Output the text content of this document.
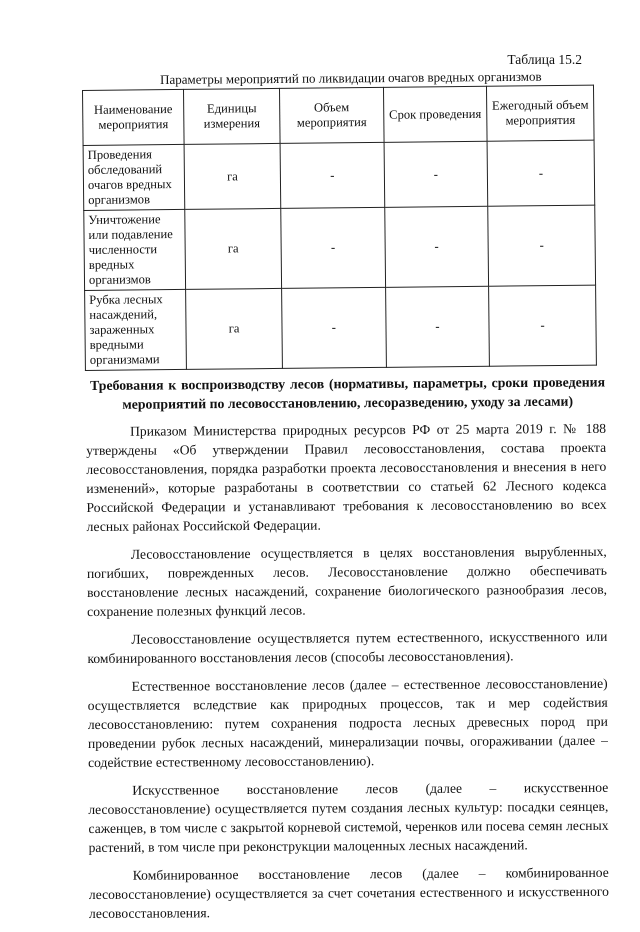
Таблица 15.2
Параметры мероприятий по ликвидации очагов вредных организмов
Наименование мероприятия	Единицы измерения	Объем мероприятия	Срок проведения	Ежегодный объем мероприятия
Проведения обследований очагов вредных организмов	га	-	-	-
Уничтожение или подавление численности вредных организмов	га	-	-	-
Рубка лесных насаждений, зараженных вредными организмами	га	-	-	-
Требования к воспроизводству лесов (нормативы, параметры, сроки проведения мероприятий по лесовосстановлению, лесоразведению, уходу за лесами)

Приказом Министерства природных ресурсов РФ от 25 марта 2019 г. № 188 утверждены «Об утверждении Правил лесовосстановления, состава проекта лесовосстановления, порядка разработки проекта лесовосстановления и внесения в него изменений», которые разработаны в соответствии со статьей 62 Лесного кодекса Российской Федерации и устанавливают требования к лесовосстановлению во всех лесных районах Российской Федерации.

Лесовосстановление осуществляется в целях восстановления вырубленных, погибших, поврежденных лесов. Лесовосстановление должно обеспечивать восстановление лесных насаждений, сохранение биологического разнообразия лесов, сохранение полезных функций лесов.

Лесовосстановление осуществляется путем естественного, искусственного или комбинированного восстановления лесов (способы лесовосстановления).

Естественное восстановление лесов (далее – естественное лесовосстановление) осуществляется вследствие как природных процессов, так и мер содействия лесовосстановлению: путем сохранения подроста лесных древесных пород при проведении рубок лесных насаждений, минерализации почвы, огораживании (далее – содействие естественному лесовосстановлению).

Искусственное восстановление лесов (далее – искусственное лесовосстановление) осуществляется путем создания лесных культур: посадки сеянцев, саженцев, в том числе с закрытой корневой системой, черенков или посева семян лесных растений, в том числе при реконструкции малоценных лесных насаждений.

Комбинированное восстановление лесов (далее – комбинированное лесовосстановление) осуществляется за счет сочетания естественного и искусственного лесовосстановления.
